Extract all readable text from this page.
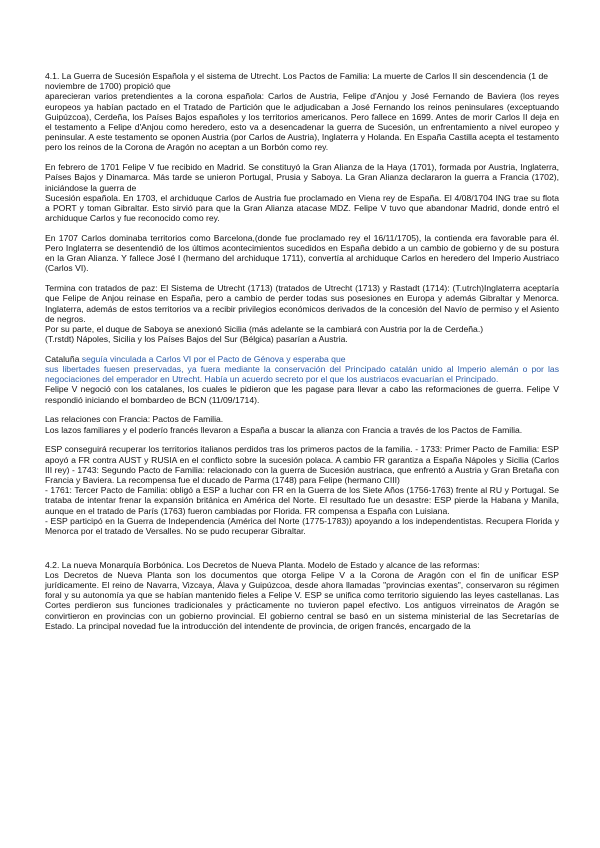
4.1. La Guerra de Sucesión Española y el sistema de Utrecht. Los Pactos de Familia: La muerte de Carlos II sin descendencia (1 de noviembre de 1700) propició que

aparecieran varios pretendientes a la corona española: Carlos de Austria, Felipe d'Anjou y José Fernando de Baviera (los reyes europeos ya habían pactado en el Tratado de Partición que le adjudicaban a José Fernando los reinos peninsulares (exceptuando Guipúzcoa), Cerdeña, los Países Bajos españoles y los territorios americanos. Pero fallece en 1699. Antes de morir Carlos II deja en el testamento a Felipe d'Anjou como heredero, esto va a desencadenar la guerra de Sucesión, un enfrentamiento a nivel europeo y peninsular. A este testamento se oponen Austria (por Carlos de Austria), Inglaterra y Holanda. En España Castilla acepta el testamento pero los reinos de la Corona de Aragón no aceptan a un Borbón como rey.

En febrero de 1701 Felipe V fue recibido en Madrid. Se constituyó la Gran Alianza de la Haya (1701), formada por Austria, Inglaterra, Países Bajos y Dinamarca. Más tarde se unieron Portugal, Prusia y Saboya. La Gran Alianza declararon la guerra a Francia (1702), iniciándose la guerra de
Sucesión española. En 1703, el archiduque Carlos de Austria fue proclamado en Viena rey de España. El 4/08/1704 ING trae su flota a PORT y toman Gibraltar. Esto sirvió para que la Gran Alianza atacase MDZ. Felipe V tuvo que abandonar Madrid, donde entró el archiduque Carlos y fue reconocido como rey.

En 1707 Carlos dominaba territorios como Barcelona,(donde fue proclamado rey el 16/11/1705), la contienda era favorable para él. Pero Inglaterra se desentendió de los últimos acontecimientos sucedidos en España debido a un cambio de gobierno y de su postura en la Gran Alianza. Y fallece José I (hermano del archiduque 1711), convertía al archiduque Carlos en heredero del Imperio Austriaco (Carlos VI).

Termina con tratados de paz: El Sistema de Utrecht (1713) (tratados de Utrecht (1713) y Rastadt (1714): (T.utrch)Inglaterra aceptaría que Felipe de Anjou reinase en España, pero a cambio de perder todas sus posesiones en Europa y además Gibraltar y Menorca. Inglaterra, además de estos territorios va a recibir privilegios económicos derivados de la concesión del Navío de permiso y el Asiento de negros.
Por su parte, el duque de Saboya se anexionó Sicilia (más adelante se la cambiará con Austria por la de Cerdeña.)
(T.rstdt) Nápoles, Sicilia y los Países Bajos del Sur (Bélgica) pasarían a Austria.
Cataluña seguía vinculada a Carlos VI por el Pacto de Génova y esperaba que
sus libertades fuesen preservadas, ya fuera mediante la conservación del Principado catalán unido al Imperio alemán o por las negociaciones del emperador en Utrecht. Había un acuerdo secreto por el que los austriacos evacuarían el Principado.
Felipe V negoció con los catalanes, los cuales le pidieron que les pagase para llevar a cabo las reformaciones de guerra. Felipe V respondió iniciando el bombardeo de BCN (11/09/1714).
Las relaciones con Francia: Pactos de Familia.
Los lazos familiares y el poderío francés llevaron a España a buscar la alianza con Francia a través de los Pactos de Familia.
ESP conseguirá recuperar los territorios italianos perdidos tras los primeros pactos de la familia. - 1733: Primer Pacto de Familia: ESP apoyó a FR contra AUST y RUSIA en el conflicto sobre la sucesión polaca. A cambio FR garantiza a España Nápoles y Sicilia (Carlos III rey) - 1743: Segundo Pacto de Familia: relacionado con la guerra de Sucesión austriaca, que enfrentó a Austria y Gran Bretaña con Francia y Baviera. La recompensa fue el ducado de Parma (1748) para Felipe (hermano CIII)
- 1761: Tercer Pacto de Familia: obligó a ESP a luchar con FR en la Guerra de los Siete Años (1756-1763) frente al RU y Portugal. Se trataba de intentar frenar la expansión británica en América del Norte. El resultado fue un desastre: ESP pierde la Habana y Manila, aunque en el tratado de París (1763) fueron cambiadas por Florida. FR compensa a España con Luisiana.
- ESP participó en la Guerra de Independencia (América del Norte (1775-1783)) apoyando a los independentistas. Recupera Florida y Menorca por el tratado de Versalles. No se pudo recuperar Gibraltar.
4.2. La nueva Monarquía Borbónica. Los Decretos de Nueva Planta. Modelo de Estado y alcance de las reformas:
Los Decretos de Nueva Planta son los documentos que otorga Felipe V a la Corona de Aragón con el fin de unificar ESP jurídicamente. El reino de Navarra, Vizcaya, Álava y Guipúzcoa, desde ahora llamadas "provincias exentas", conservaron su régimen foral y su autonomía ya que se habían mantenido fieles a Felipe V. ESP se unifica como territorio siguiendo las leyes castellanas. Las Cortes perdieron sus funciones tradicionales y prácticamente no tuvieron papel efectivo. Los antiguos virreinatos de Aragón se convirtieron en provincias con un gobierno provincial. El gobierno central se basó en un sistema ministerial de las Secretarías de Estado. La principal novedad fue la introducción del intendente de provincia, de origen francés, encargado de la
